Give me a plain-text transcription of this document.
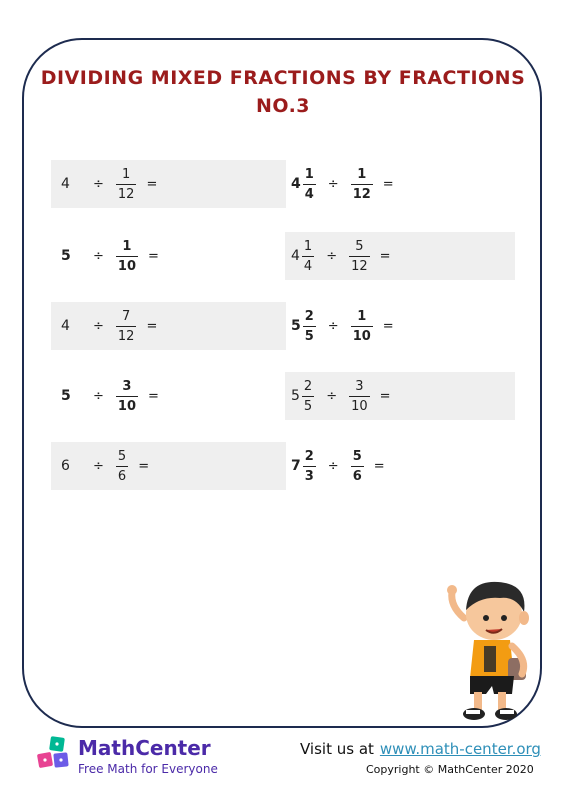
DIVIDING MIXED FRACTIONS BY FRACTIONS
NO.3
4	÷ $\frac{1}{12}$ =	$4 \frac{1}{4} \div \frac{1}{12}$ =
5	÷ $\frac{1}{10}$ =	$4 \frac{1}{4} \div \frac{5}{12}$ =
4	÷ $\frac{7}{12}$ =	$5 \frac{2}{5} \div \frac{1}{10}$ =
5	÷ $\frac{3}{10}$ =	$5 \frac{2}{5} \div \frac{3}{10}$ =
6	÷ $\frac{5}{6}$ =	$7 \frac{2}{3} \div \frac{5}{6}$ =
MathCenter
Free Math for Everyone
Visit us at www.math-center.org
Copyright © MathCenter 2020
